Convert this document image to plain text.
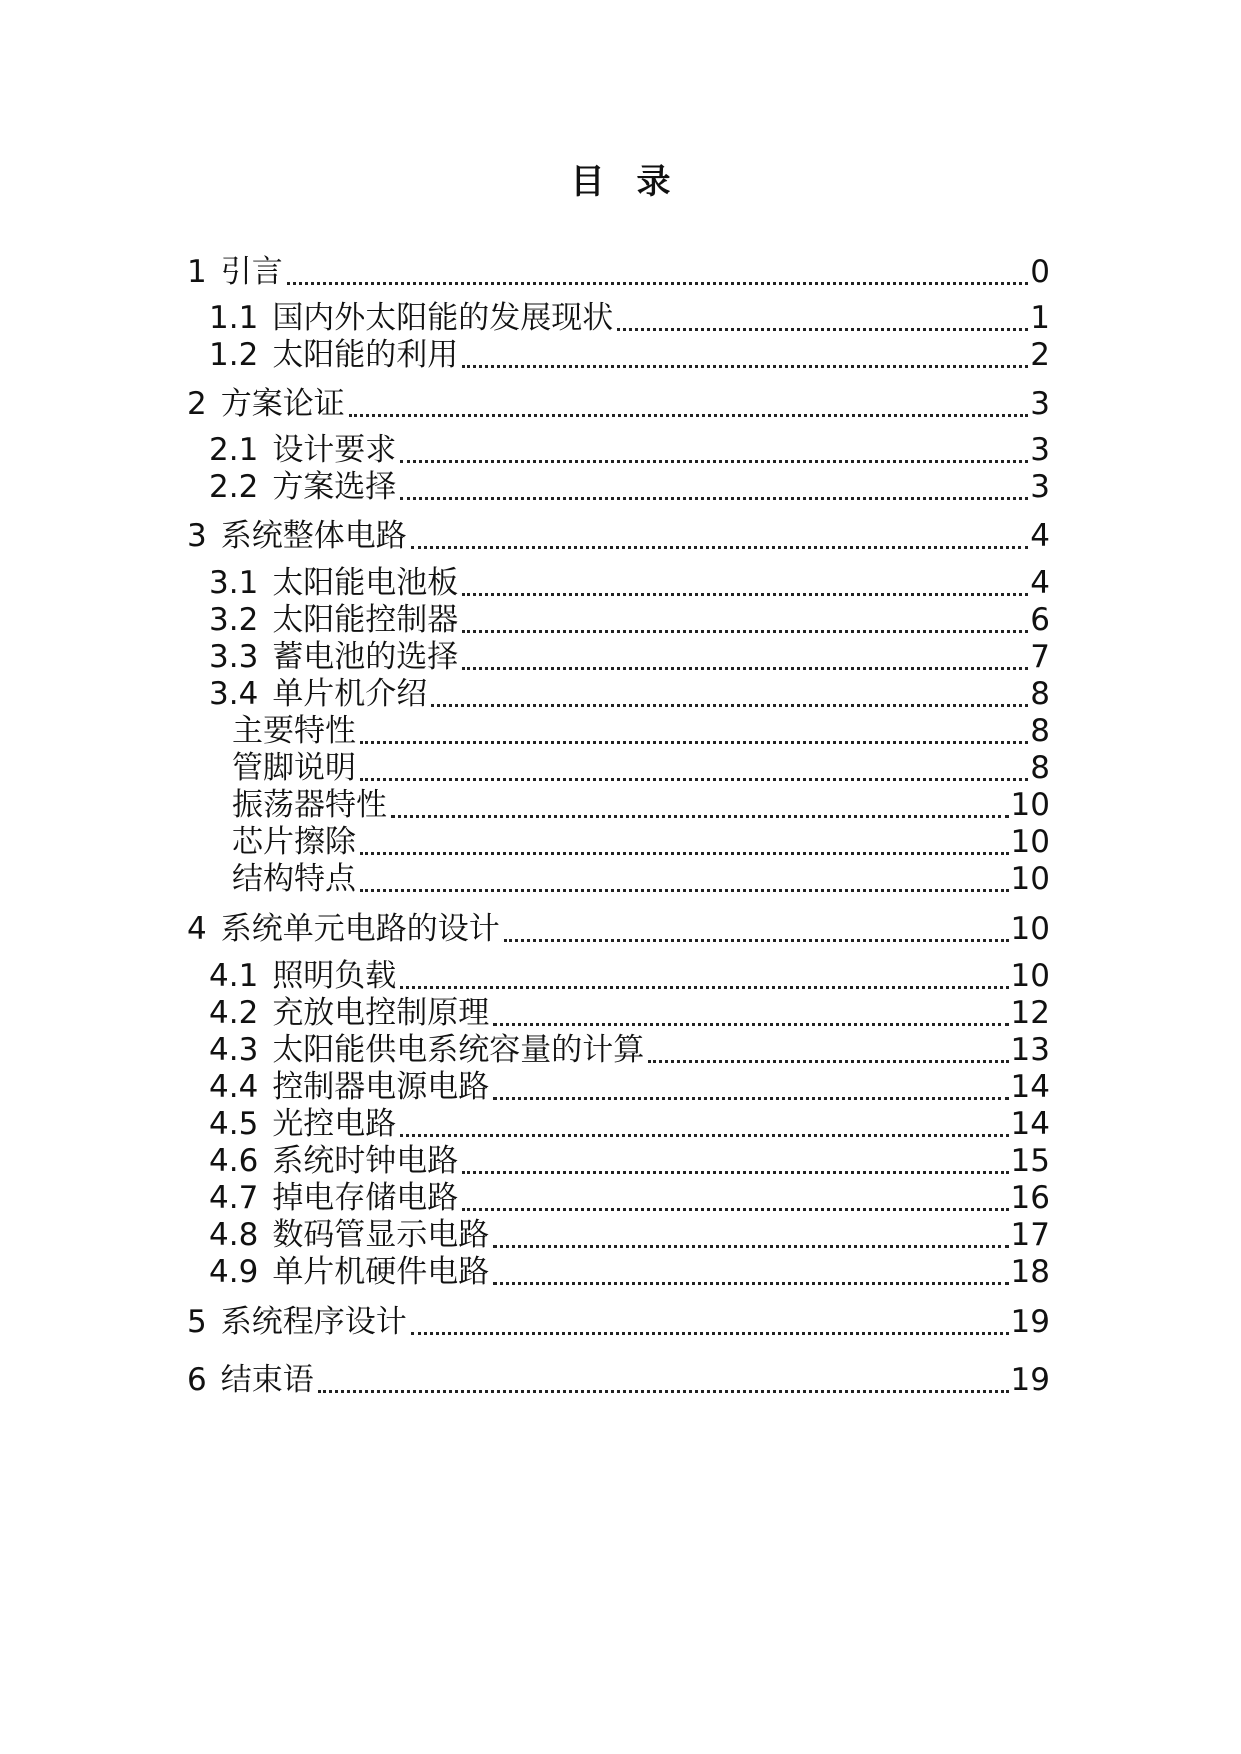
目 录
1 引言	0
1.1 国内外太阳能的发展现状	1
1.2 太阳能的利用	2
2 方案论证	3
2.1 设计要求	3
2.2 方案选择	3
3 系统整体电路	4
3.1 太阳能电池板	4
3.2 太阳能控制器	6
3.3 蓄电池的选择	7
3.4 单片机介绍	8
主要特性	8
管脚说明	8
振荡器特性	10
芯片擦除	10
结构特点	10
4 系统单元电路的设计	10
4.1 照明负载	10
4.2 充放电控制原理	12
4.3 太阳能供电系统容量的计算	13
4.4 控制器电源电路	14
4.5 光控电路	14
4.6 系统时钟电路	15
4.7 掉电存储电路	16
4.8 数码管显示电路	17
4.9 单片机硬件电路	18
5 系统程序设计	19
6 结束语	19
